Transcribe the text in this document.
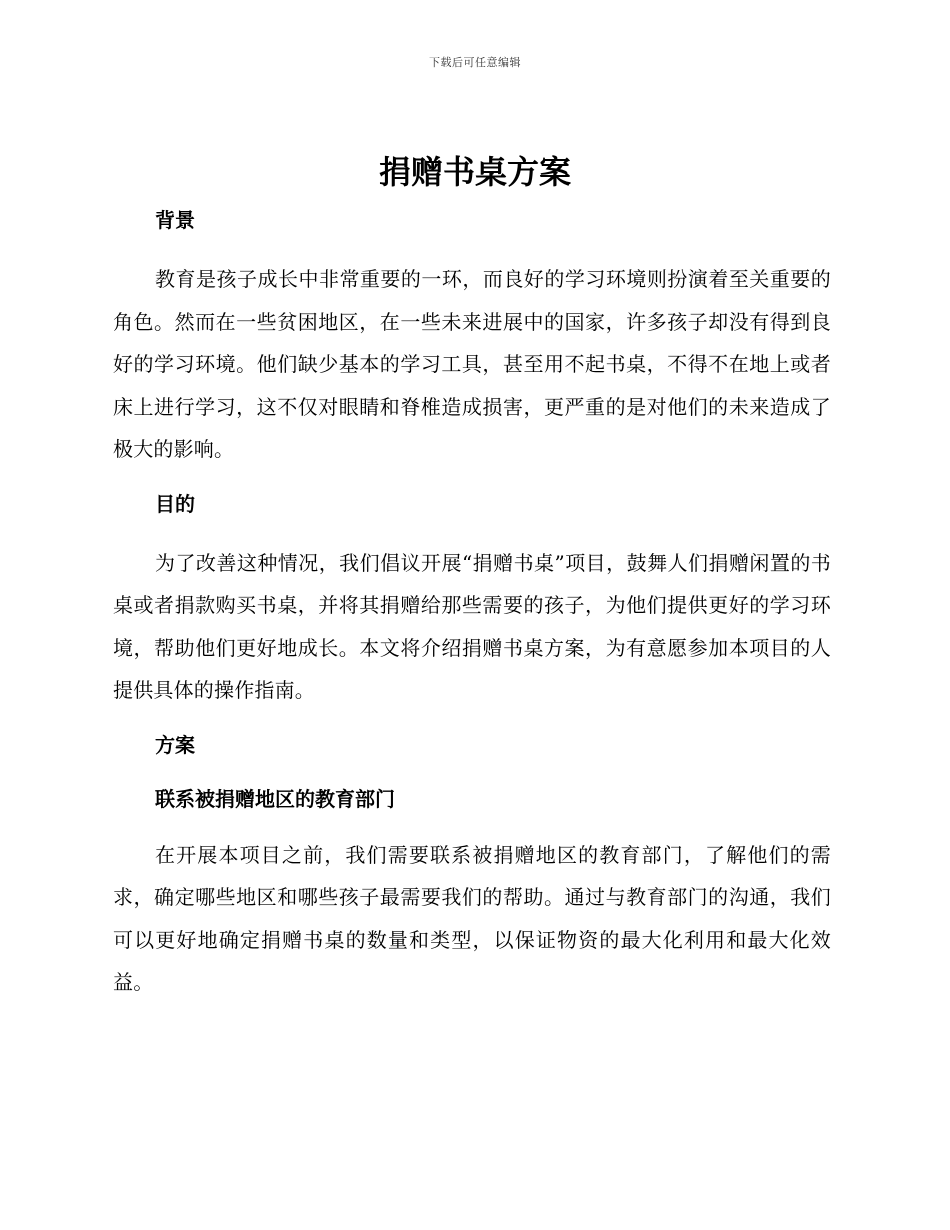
下载后可任意编辑
捐赠书桌方案
背景

教育是孩子成长中非常重要的一环，而良好的学习环境则扮演着至关重要的角色。然而在一些贫困地区，在一些未来进展中的国家，许多孩子却没有得到良好的学习环境。他们缺少基本的学习工具，甚至用不起书桌，不得不在地上或者床上进行学习，这不仅对眼睛和脊椎造成损害，更严重的是对他们的未来造成了极大的影响。

目的

为了改善这种情况，我们倡议开展“捐赠书桌”项目，鼓舞人们捐赠闲置的书桌或者捐款购买书桌，并将其捐赠给那些需要的孩子，为他们提供更好的学习环境，帮助他们更好地成长。本文将介绍捐赠书桌方案，为有意愿参加本项目的人提供具体的操作指南。

方案
联系被捐赠地区的教育部门

在开展本项目之前，我们需要联系被捐赠地区的教育部门，了解他们的需求，确定哪些地区和哪些孩子最需要我们的帮助。通过与教育部门的沟通，我们可以更好地确定捐赠书桌的数量和类型，以保证物资的最大化利用和最大化效益。
